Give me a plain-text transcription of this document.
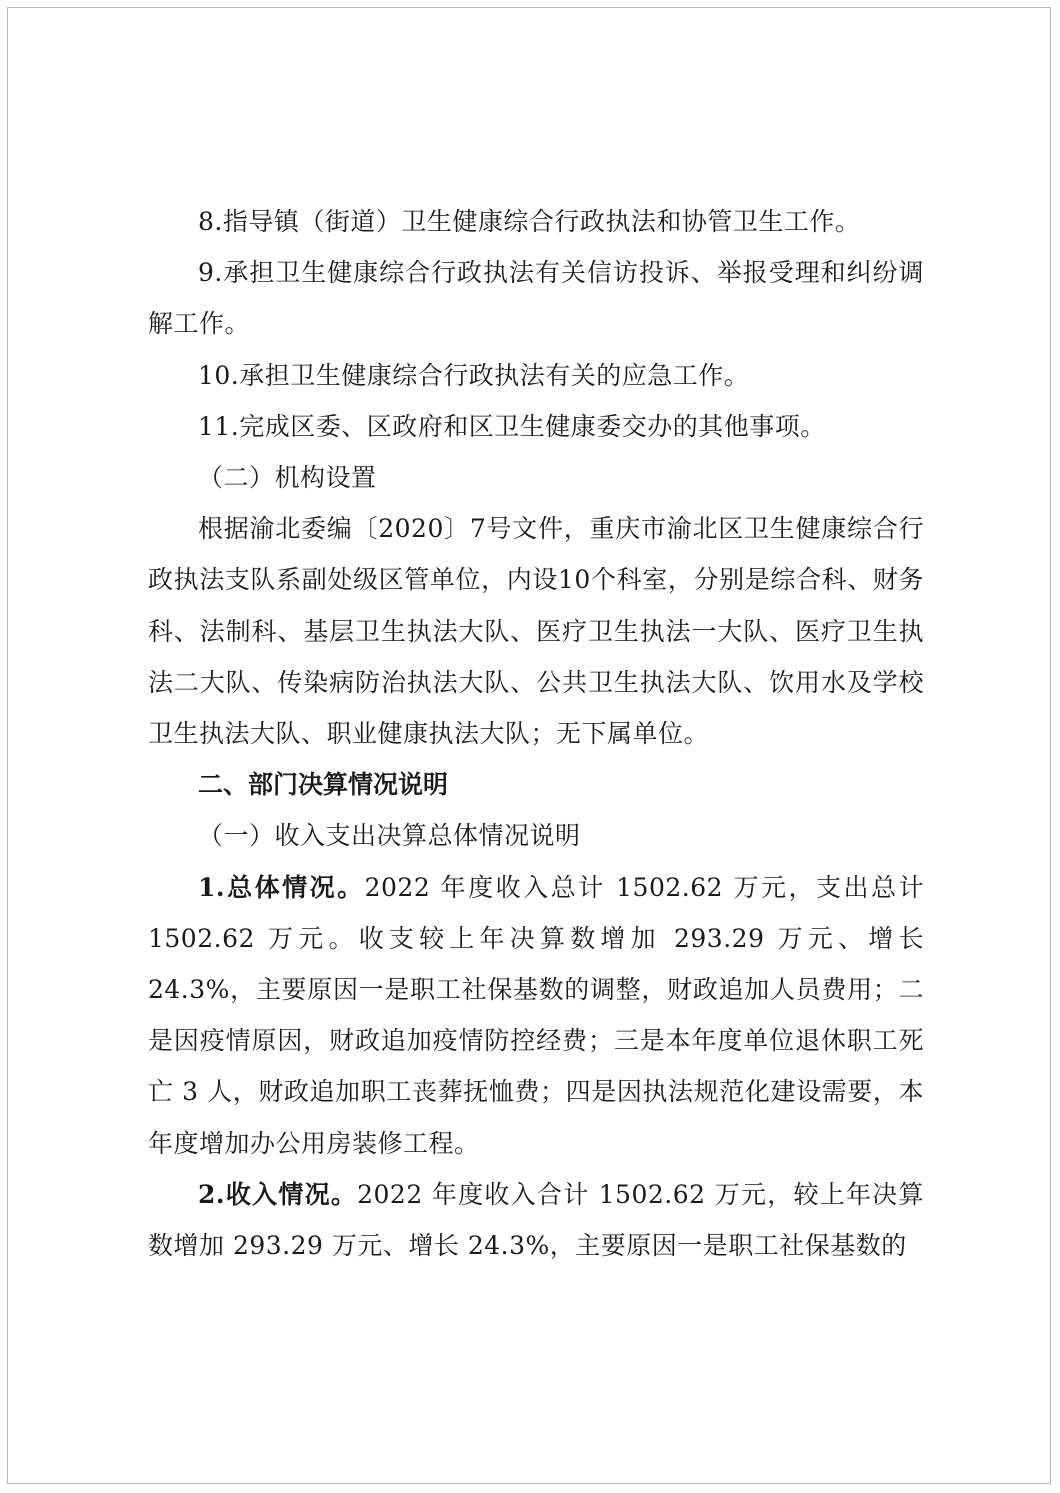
8.指导镇（街道）卫生健康综合行政执法和协管卫生工作。

9.承担卫生健康综合行政执法有关信访投诉、举报受理和纠纷调解工作。

10.承担卫生健康综合行政执法有关的应急工作。

11.完成区委、区政府和区卫生健康委交办的其他事项。

（二）机构设置

根据渝北委编〔2020〕7号文件，重庆市渝北区卫生健康综合行政执法支队系副处级区管单位，内设10个科室，分别是综合科、财务科、法制科、基层卫生执法大队、医疗卫生执法一大队、医疗卫生执法二大队、传染病防治执法大队、公共卫生执法大队、饮用水及学校卫生执法大队、职业健康执法大队；无下属单位。

二、部门决算情况说明

（一）收入支出决算总体情况说明

1.总体情况。2022 年度收入总计 1502.62 万元，支出总计 1502.62 万元。收支较上年决算数增加 293.29 万元、增长 24.3%，主要原因一是职工社保基数的调整，财政追加人员费用；二是因疫情原因，财政追加疫情防控经费；三是本年度单位退休职工死亡 3 人，财政追加职工丧葬抚恤费；四是因执法规范化建设需要，本年度增加办公用房装修工程。

2.收入情况。2022 年度收入合计 1502.62 万元，较上年决算数增加 293.29 万元、增长 24.3%，主要原因一是职工社保基数的
